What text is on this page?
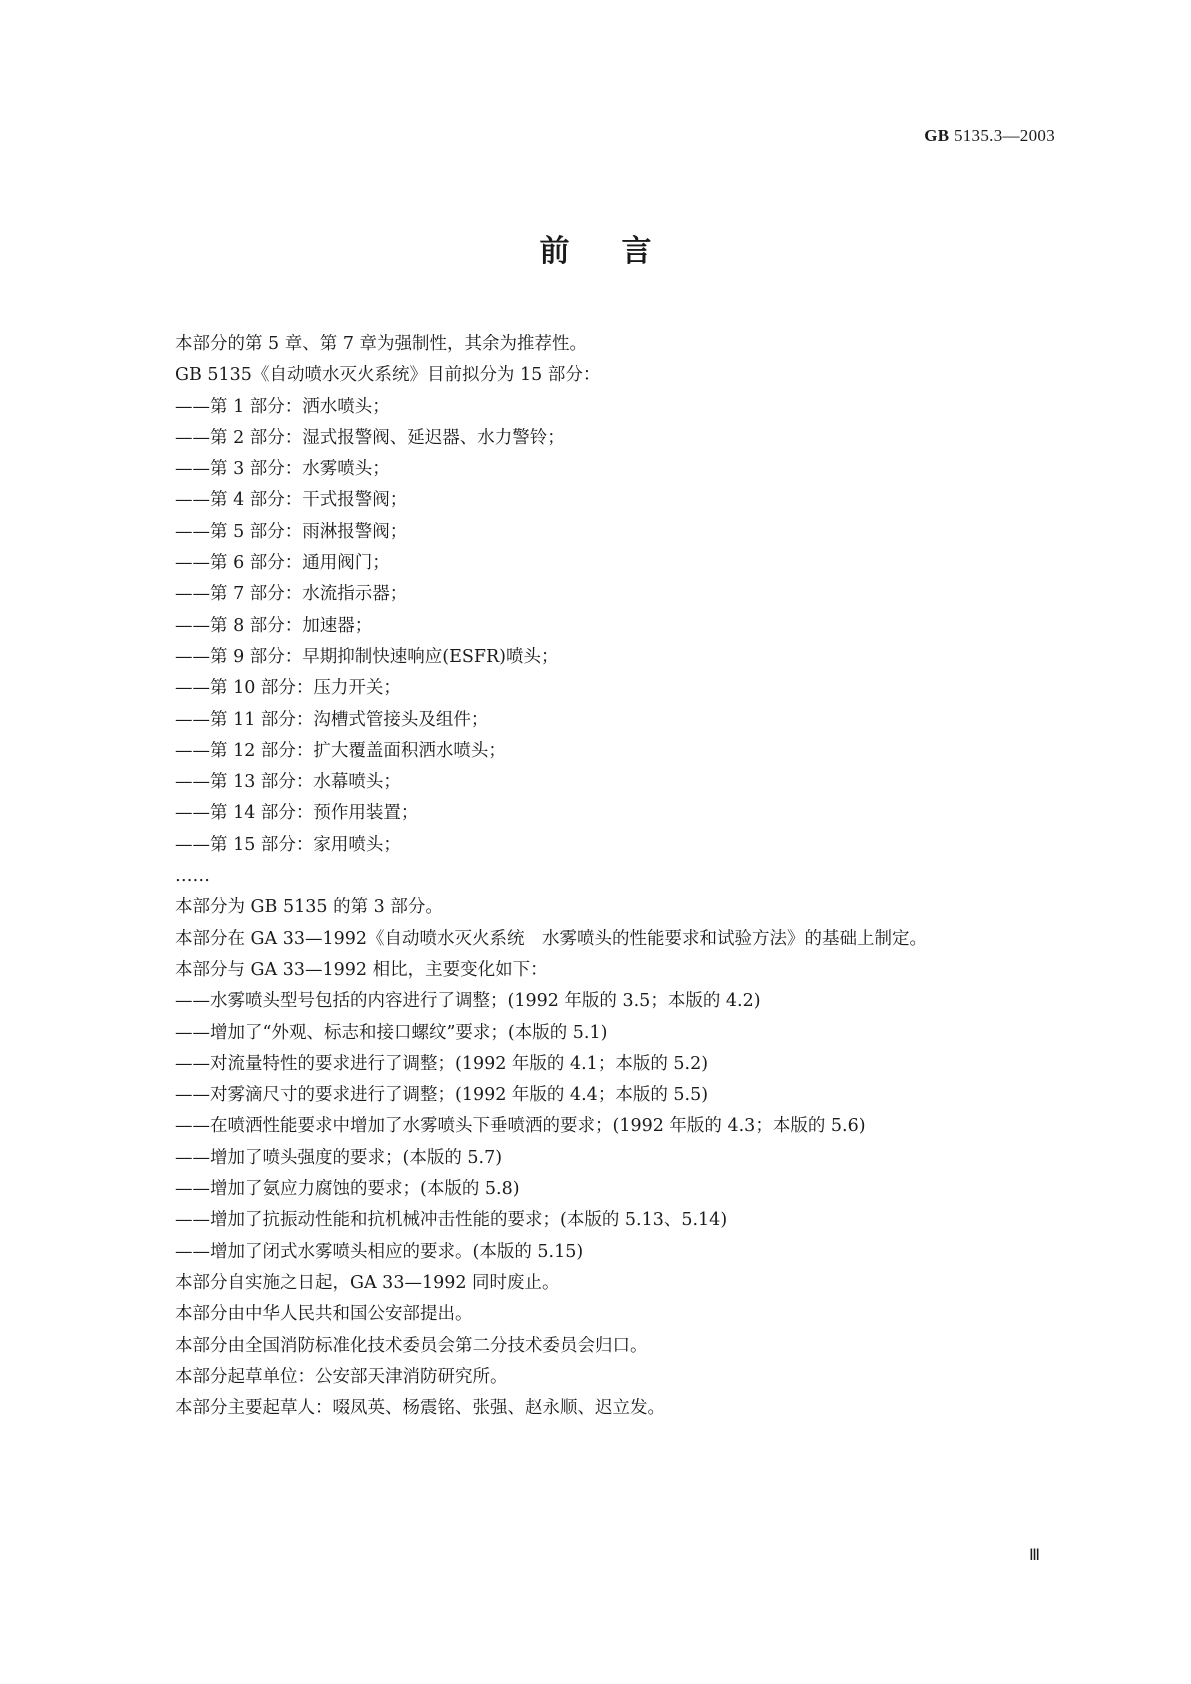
GB 5135.3—2003
前言
本部分的第 5 章、第 7 章为强制性，其余为推荐性。
GB 5135《自动喷水灭火系统》目前拟分为 15 部分：
——第 1 部分：洒水喷头；
——第 2 部分：湿式报警阀、延迟器、水力警铃；
——第 3 部分：水雾喷头；
——第 4 部分：干式报警阀；
——第 5 部分：雨淋报警阀；
——第 6 部分：通用阀门；
——第 7 部分：水流指示器；
——第 8 部分：加速器；
——第 9 部分：早期抑制快速响应(ESFR)喷头；
——第 10 部分：压力开关；
——第 11 部分：沟槽式管接头及组件；
——第 12 部分：扩大覆盖面积洒水喷头；
——第 13 部分：水幕喷头；
——第 14 部分：预作用装置；
——第 15 部分：家用喷头；
……
本部分为 GB 5135 的第 3 部分。
本部分在 GA 33—1992《自动喷水灭火系统　水雾喷头的性能要求和试验方法》的基础上制定。
本部分与 GA 33—1992 相比，主要变化如下：
——水雾喷头型号包括的内容进行了调整；(1992 年版的 3.5；本版的 4.2)
——增加了“外观、标志和接口螺纹”要求；(本版的 5.1)
——对流量特性的要求进行了调整；(1992 年版的 4.1；本版的 5.2)
——对雾滴尺寸的要求进行了调整；(1992 年版的 4.4；本版的 5.5)
——在喷洒性能要求中增加了水雾喷头下垂喷洒的要求；(1992 年版的 4.3；本版的 5.6)
——增加了喷头强度的要求；(本版的 5.7)
——增加了氨应力腐蚀的要求；(本版的 5.8)
——增加了抗振动性能和抗机械冲击性能的要求；(本版的 5.13、5.14)
——增加了闭式水雾喷头相应的要求。(本版的 5.15)
本部分自实施之日起，GA 33—1992 同时废止。
本部分由中华人民共和国公安部提出。
本部分由全国消防标准化技术委员会第二分技术委员会归口。
本部分起草单位：公安部天津消防研究所。
本部分主要起草人：啜凤英、杨震铭、张强、赵永顺、迟立发。
Ⅲ
